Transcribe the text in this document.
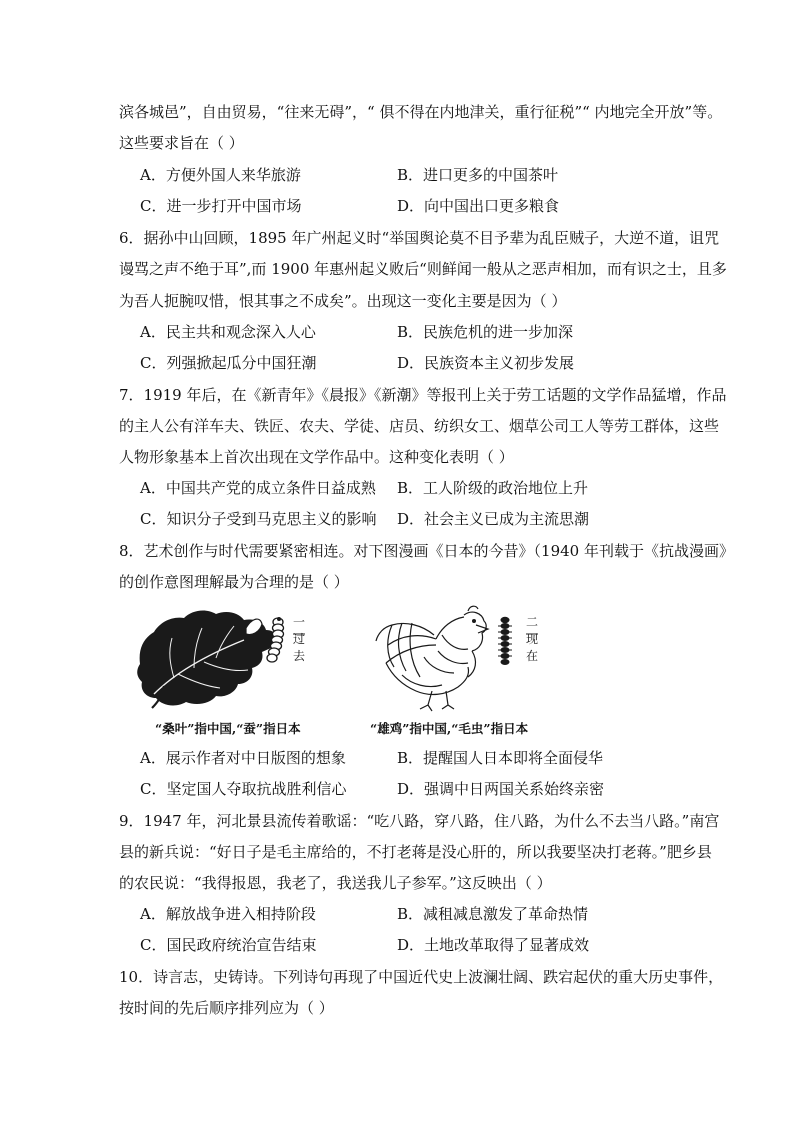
滨各城邑”，自由贸易，“往来无碍”，“ 俱不得在内地津关，重行征税”“ 内地完全开放”等。
这些要求旨在（ ）
A．方便外国人来华旅游	B．进口更多的中国茶叶
C．进一步打开中国市场	D．向中国出口更多粮食
6．据孙中山回顾，1895 年广州起义时“举国舆论莫不目予辈为乱臣贼子，大逆不道，诅咒
谩骂之声不绝于耳”,而 1900 年惠州起义败后“则鲜闻一般从之恶声相加，而有识之士，且多
为吾人扼腕叹惜，恨其事之不成矣”。出现这一变化主要是因为（ ）
A．民主共和观念深入人心	B．民族危机的进一步加深
C．列强掀起瓜分中国狂潮	D．民族资本主义初步发展
7．1919 年后，在《新青年》《晨报》《新潮》等报刊上关于劳工话题的文学作品猛增，作品
的主人公有洋车夫、铁匠、农夫、学徒、店员、纺织女工、烟草公司工人等劳工群体，这些
人物形象基本上首次出现在文学作品中。这种变化表明（ ）
A．中国共产党的成立条件日益成熟 B．工人阶级的政治地位上升
C．知识分子受到马克思主义的影响 D．社会主义已成为主流思潮
8．艺术创作与时代需要紧密相连。对下图漫画《日本的今昔》（1940 年刊载于《抗战漫画》
的创作意图理解最为合理的是（ ）
一
过
去
二
现
在
“桑叶”指中国,“蚕”指日本	“雄鸡”指中国,“毛虫”指日本
A．展示作者对中日版图的想象	B．提醒国人日本即将全面侵华
C．坚定国人夺取抗战胜利信心	D．强调中日两国关系始终亲密
9．1947 年，河北景县流传着歌谣：“吃八路，穿八路，住八路，为什么不去当八路。”南宫
县的新兵说：“好日子是毛主席给的，不打老蒋是没心肝的，所以我要坚决打老蒋。”肥乡县
的农民说：“我得报恩，我老了，我送我儿子参军。”这反映出（ ）
A．解放战争进入相持阶段	B．减租减息激发了革命热情
C．国民政府统治宣告结束	D．土地改革取得了显著成效
10．诗言志，史铸诗。下列诗句再现了中国近代史上波澜壮阔、跌宕起伏的重大历史事件，
按时间的先后顺序排列应为（ ）
